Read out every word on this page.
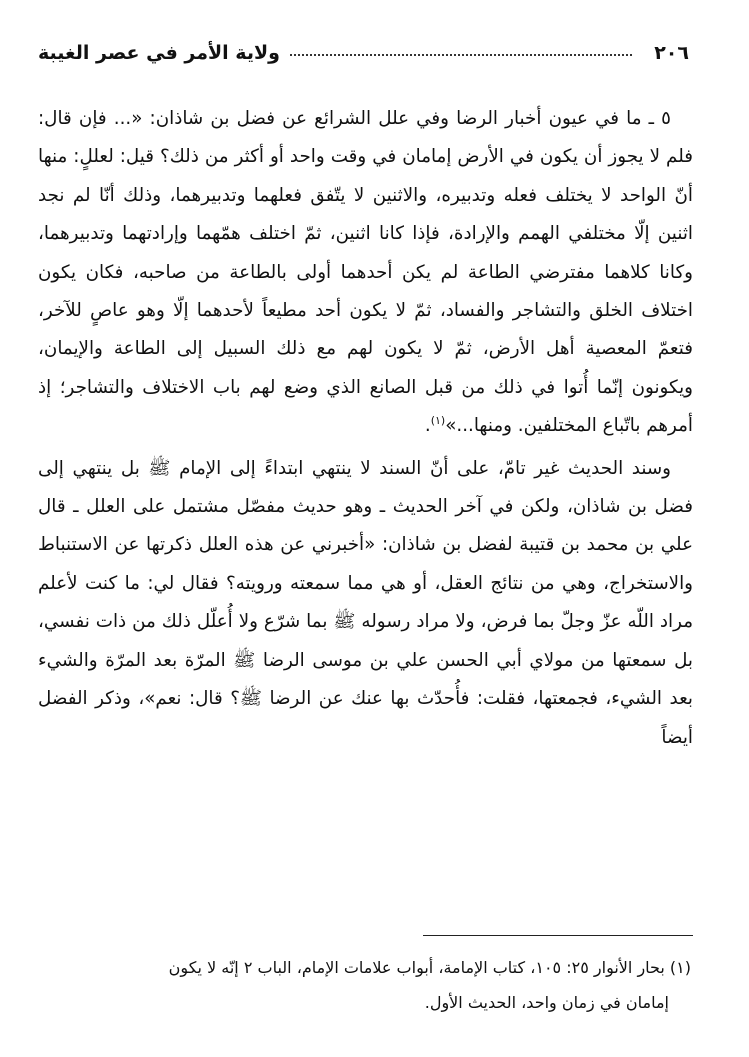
٢٠٦
ولاية الأمر في عصر الغيبة

٥ ـ ما في عيون أخبار الرضا وفي علل الشرائع عن فضل بن شاذان: «... فإن قال: فلم لا يجوز أن يكون في الأرض إمامان في وقت واحد أو أكثر من ذلك؟ قيل: لعللٍ: منها أنّ الواحد لا يختلف فعله وتدبيره، والاثنين لا يتّفق فعلهما وتدبيرهما، وذلك أنّا لم نجد اثنين إلّا مختلفي الهمم والإرادة، فإذا كانا اثنين، ثمّ اختلف همّهما وإرادتهما وتدبيرهما، وكانا كلاهما مفترضي الطاعة لم يكن أحدهما أولى بالطاعة من صاحبه، فكان يكون اختلاف الخلق والتشاجر والفساد، ثمّ لا يكون أحد مطيعاً لأحدهما إلّا وهو عاصٍ للآخر، فتعمّ المعصية أهل الأرض، ثمّ لا يكون لهم مع ذلك السبيل إلى الطاعة والإيمان، ويكونون إنّما أُتوا في ذلك من قبل الصانع الذي وضع لهم باب الاختلاف والتشاجر؛ إذ أمرهم باتّباع المختلفين. ومنها...»$^{(١)}$.

وسند الحديث غير تامّ، على أنّ السند لا ينتهي ابتداءً إلى الإمام ﷺ بل ينتهي إلى فضل بن شاذان، ولكن في آخر الحديث ـ وهو حديث مفصّل مشتمل على العلل ـ قال علي بن محمد بن قتيبة لفضل بن شاذان: «أخبرني عن هذه العلل ذكرتها عن الاستنباط والاستخراج، وهي من نتائج العقل، أو هي مما سمعته ورويته؟ فقال لي: ما كنت لأعلم مراد اللّه عزّ وجلّ بما فرض، ولا مراد رسوله ﷺ بما شرّع ولا أُعلّل ذلك من ذات نفسي، بل سمعتها من مولاي أبي الحسن علي بن موسى الرضا ﷺ المرّة بعد المرّة والشيء بعد الشيء، فجمعتها، فقلت: فأُحدّث بها عنك عن الرضا ﷺ؟ قال: نعم»، وذكر الفضل أيضاً

(١) بحار الأنوار ٢٥: ١٠٥، كتاب الإمامة، أبواب علامات الإمام، الباب ٢ إنّه لا يكون
إمامان في زمان واحد، الحديث الأول.
